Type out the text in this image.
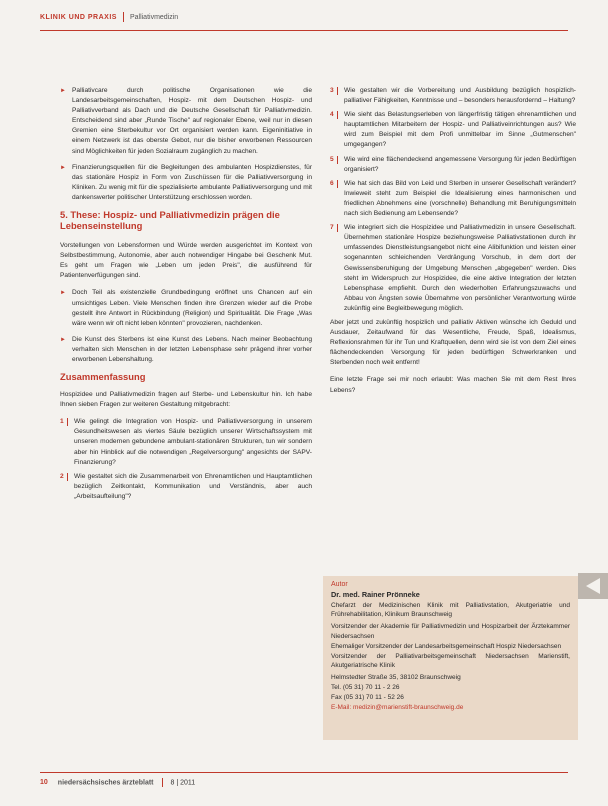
KLINIK UND PRAXIS Palliativmedizin
► Palliativcare durch politische Organisationen wie die Landesarbeitsgemeinschaften, Hospiz- mit dem Deutschen Hospiz- und Palliativverband als Dach und die Deutsche Gesellschaft für Palliativmedizin. Entscheidend sind aber „Runde Tische" auf regionaler Ebene, weil nur in diesen Gremien eine Sterbekultur vor Ort organisiert werden kann. Eigeninitiative in einem Netzwerk ist das oberste Gebot, nur die bisher erworbenen Ressourcen sind Möglichkeiten für jeden Sozialraum zugänglich zu machen.
► Finanzierungsquellen für die Begleitungen des ambulanten Hospizdienstes, für das stationäre Hospiz in Form von Zuschüssen für die Palliativversorgung in Kliniken. Zu wenig mit für die spezialisierte ambulante Palliativversorgung und mit dankenswerter politischer Unterstützung erschlossen worden.
5. These: Hospiz- und Palliativmedizin prägen die Lebenseinstellung

Vorstellungen von Lebensformen und Würde werden ausgerichtet im Kontext von Selbstbestimmung, Autonomie, aber auch notwendiger Hingabe bei Geschenk Mut. Es geht um Fragen wie „Leben um jeden Preis", die ausführend für Patientenverfügungen sind.

► Doch Teil als existenzielle Grundbedingung eröffnet uns Chancen auf ein umsichtiges Leben. Viele Menschen finden ihre Grenzen wieder auf die Probe gestellt ihre Antwort in Rückbindung (Religion) und Spiritualität. Die Frage „Was wäre wenn wir oft nicht leben könnten" provozieren, nachdenken.
► Die Kunst des Sterbens ist eine Kunst des Lebens. Nach meiner Beobachtung verhalten sich Menschen in der letzten Lebensphase sehr prägend ihrer vorher erworbenen Lebenshaltung.
Zusammenfassung

Hospizidee und Palliativmedizin fragen auf Sterbe- und Lebenskultur hin. Ich habe Ihnen sieben Fragen zur weiteren Gestaltung mitgebracht:

1 Wie gelingt die Integration von Hospiz- und Palliativversorgung in unserem Gesundheitswesen als viertes Säule bezüglich unserer Wirtschaftssystem mit unseren modernen gebundene ambulant-stationären Strukturen, tun wir sondern aber hin Hinblick auf die notwendigen „Regelversorgung" angesichts der SAPV-Finanzierung?
2 Wie gestaltet sich die Zusammenarbeit von Ehrenamtlichen und Hauptamtlichen bezüglich Zeitkontakt, Kommunikation und Verständnis, aber auch „Arbeitsaufteilung"?
3 Wie gestalten wir die Vorbereitung und Ausbildung bezüglich hospizlich-palliativer Fähigkeiten, Kenntnisse und – besonders herausfordernd – Haltung?
4 Wie sieht das Belastungserleben von längerfristig tätigen ehrenamtlichen und hauptamtlichen Mitarbeitern der Hospiz- und Palliativeinrichtungen aus? Wie wird zum Beispiel mit dem Profi unmittelbar im Sinne „Gutmenschen" umgegangen?
5 Wie wird eine flächendeckend angemessene Versorgung für jeden Bedürftigen organisiert?
6 Wie hat sich das Bild von Leid und Sterben in unserer Gesellschaft verändert? Inwieweit steht zum Beispiel die Idealisierung eines harmonischen und friedlichen Abnehmens eine (vorschnelle) Behandlung mit Beruhigungsmitteln nach sich Bedienung am Lebensende?
7 Wie integriert sich die Hospizidee und Palliativmedizin in unsere Gesellschaft. Übernehmen stationäre Hospize beziehungsweise Palliativstationen durch ihr umfassendes Dienstleistungsangebot nicht eine Alibifunktion und leisten einer sogenannten schleichenden Verdrängung Vorschub, in dem dort der Gewissensberuhigung der Umgebung Menschen „abgegeben" werden. Dies steht im Widerspruch zur Hospizidee, die eine aktive Integration der letzten Lebensphase empfiehlt. Durch den wiederholten Erfahrungszuwachs und Abbau von Ängsten sowie Übernahme von persönlicher Verantwortung würde zukünftig eine Begleitbewegung möglich.

Aber jetzt und zukünftig hospizlich und palliativ Aktiven wünsche ich Geduld und Ausdauer, Zeitaufwand für das Wesentliche, Freude, Spaß, Idealismus, Reflexionsrahmen für ihr Tun und Kraftquellen, denn wird sie ist von dem Ziel eines flächendeckenden Versorgung für jeden bedürftigen Schwerkranken und Sterbenden noch weit entfernt!

Eine letzte Frage sei mir noch erlaubt: Was machen Sie mit dem Rest Ihres Lebens?

Autor
Dr. med. Rainer Prönneke

Chefarzt der Medizinischen Klinik mit Palliativstation, Akutgeriatrie und Frührehabilitation, Klinikum Braunschweig

Vorsitzender der Akademie für Palliativmedizin und Hospizarbeit der Ärztekammer Niedersachsen

Ehemaliger Vorsitzender der Landesarbeitsgemeinschaft Hospiz Niedersachsen

Vorsitzender der Palliativarbeitsgemeinschaft Niedersachsen Marienstift, Akutgeriatrische Klinik

Helmstedter Straße 35, 38102 Braunschweig

Tel. (05 31) 70 11 - 2 26

Fax (05 31) 70 11 - 52 26

E-Mail: medizin@marienstift-braunschweig.de

10 niedersächsisches ärzteblatt 8 | 2011
